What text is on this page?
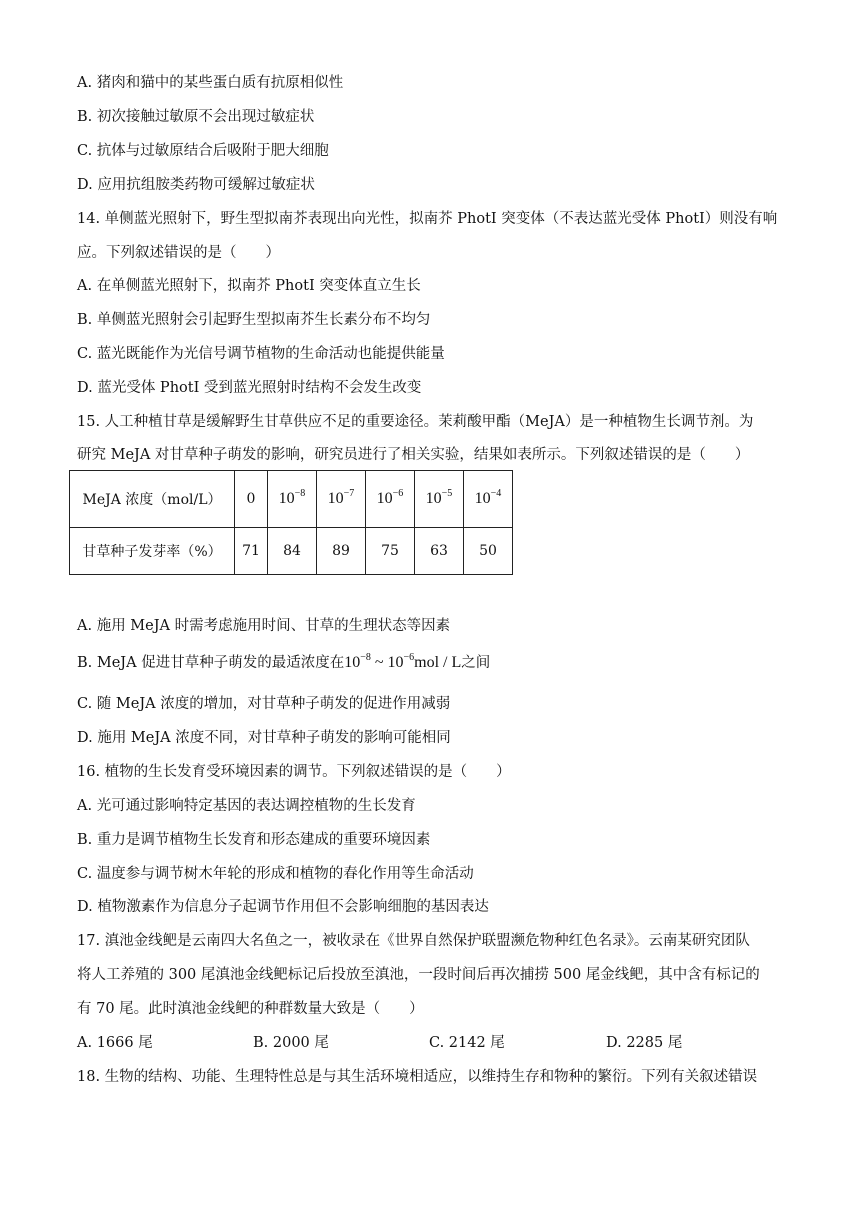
A. 猪肉和猫中的某些蛋白质有抗原相似性
B. 初次接触过敏原不会出现过敏症状
C. 抗体与过敏原结合后吸附于肥大细胞
D. 应用抗组胺类药物可缓解过敏症状
14. 单侧蓝光照射下，野生型拟南芥表现出向光性，拟南芥 PhotI 突变体（不表达蓝光受体 PhotI）则没有响
应。下列叙述错误的是（　　）
A. 在单侧蓝光照射下，拟南芥 PhotI 突变体直立生长
B. 单侧蓝光照射会引起野生型拟南芥生长素分布不均匀
C. 蓝光既能作为光信号调节植物的生命活动也能提供能量
D. 蓝光受体 PhotI 受到蓝光照射时结构不会发生改变
15. 人工种植甘草是缓解野生甘草供应不足的重要途径。茉莉酸甲酯（MeJA）是一种植物生长调节剂。为
研究 MeJA 对甘草种子萌发的影响，研究员进行了相关实验，结果如表所示。下列叙述错误的是（　　）
MeJA 浓度（mol/L）	0	$10^{-8}$	$10^{-7}$	$10^{-6}$	$10^{-5}$	$10^{-4}$
甘草种子发芽率（%）	71	84	89	75	63	50
A. 施用 MeJA 时需考虑施用时间、甘草的生理状态等因素
B. MeJA 促进甘草种子萌发的最适浓度在$10^{-8}$ ~ $10^{-6}mol$ / L之间
C. 随 MeJA 浓度的增加，对甘草种子萌发的促进作用减弱
D. 施用 MeJA 浓度不同，对甘草种子萌发的影响可能相同
16. 植物的生长发育受环境因素的调节。下列叙述错误的是（　　）
A. 光可通过影响特定基因的表达调控植物的生长发育
B. 重力是调节植物生长发育和形态建成的重要环境因素
C. 温度参与调节树木年轮的形成和植物的春化作用等生命活动
D. 植物激素作为信息分子起调节作用但不会影响细胞的基因表达
17. 滇池金线鲃是云南四大名鱼之一，被收录在《世界自然保护联盟濒危物种红色名录》。云南某研究团队
将人工养殖的 300 尾滇池金线鲃标记后投放至滇池，一段时间后再次捕捞 500 尾金线鲃，其中含有标记的
有 70 尾。此时滇池金线鲃的种群数量大致是（　　）
A. 1666 尾	B. 2000 尾	C. 2142 尾	D. 2285 尾
18. 生物的结构、功能、生理特性总是与其生活环境相适应，以维持生存和物种的繁衍。下列有关叙述错误
